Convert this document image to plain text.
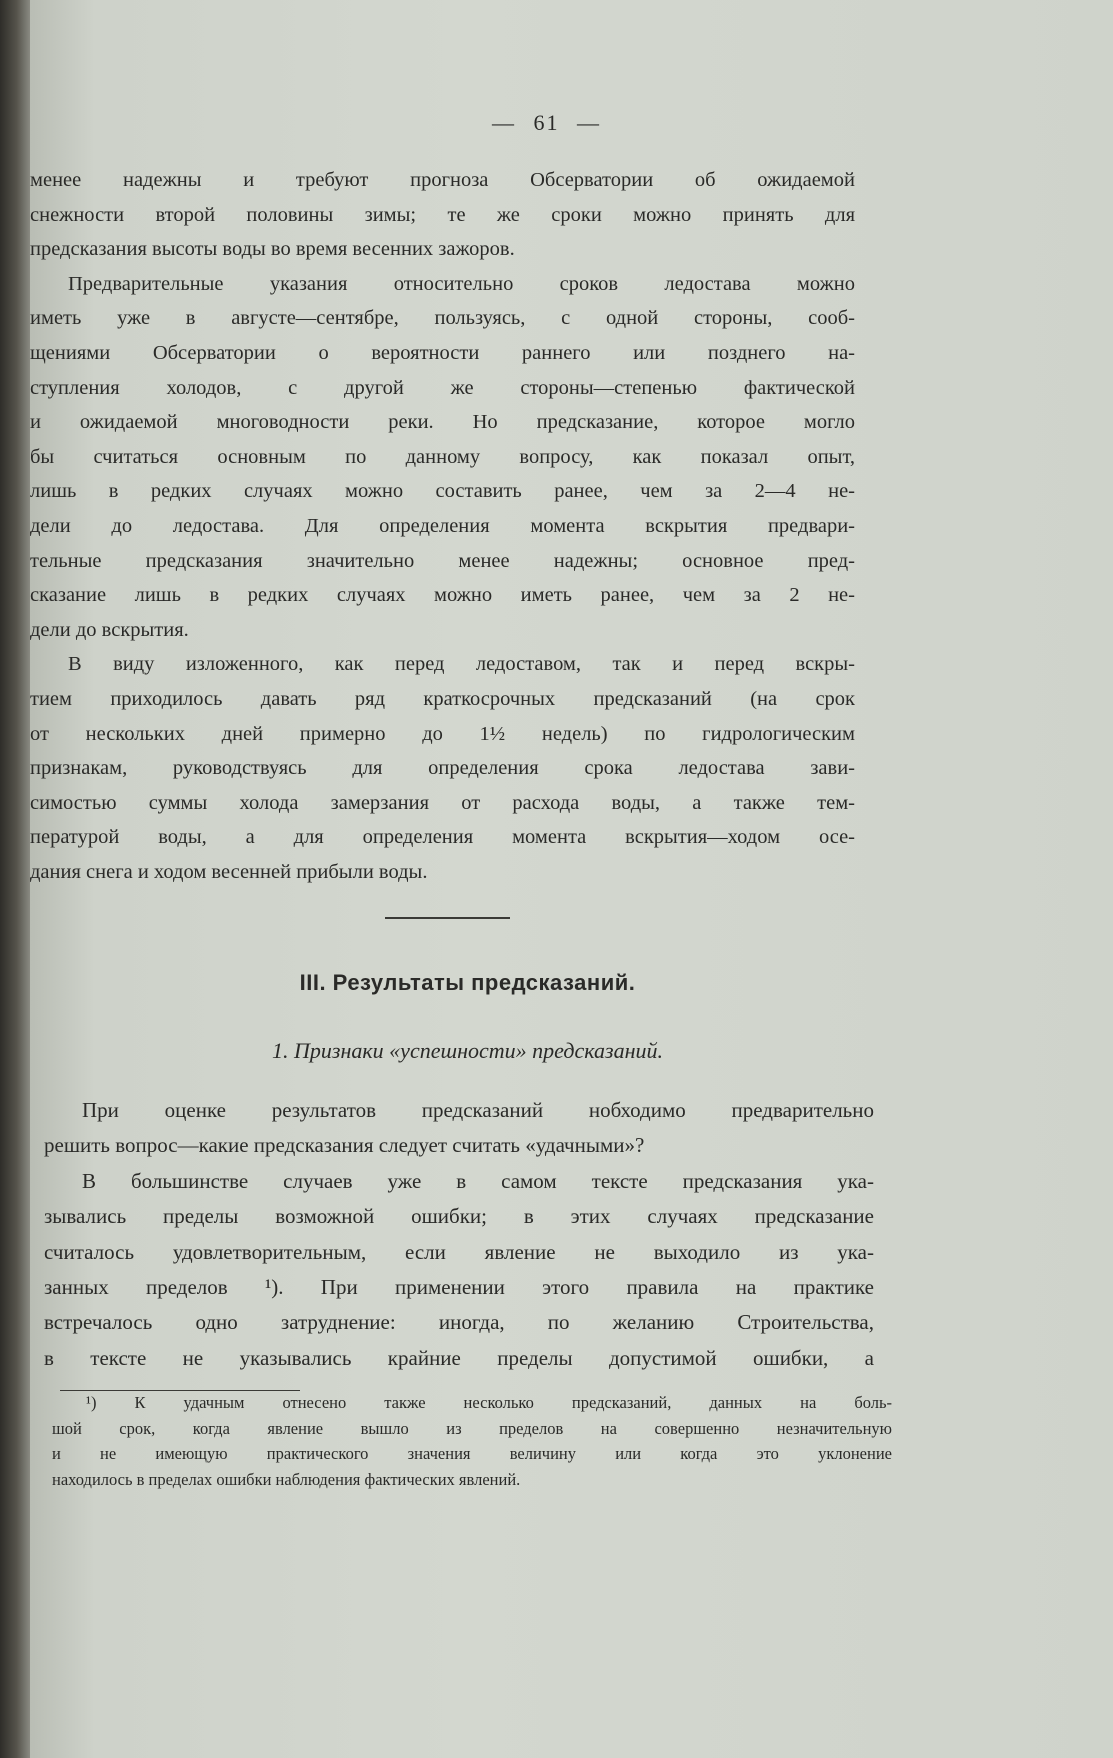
— 61 —
менее надежны и требуют прогноза Обсерватории об ожидаемой
снежности второй половины зимы; те же сроки можно принять для
предсказания высоты воды во время весенних зажоров.
Предварительные указания относительно сроков ледостава можно
иметь уже в августе—сентябре, пользуясь, с одной стороны, сооб-
щениями Обсерватории о вероятности раннего или позднего на-
ступления холодов, с другой же стороны—степенью фактической
и ожидаемой многоводности реки. Но предсказание, которое могло
бы считаться основным по данному вопросу, как показал опыт,
лишь в редких случаях можно составить ранее, чем за 2—4 не-
дели до ледостава. Для определения момента вскрытия предвари-
тельные предсказания значительно менее надежны; основное пред-
сказание лишь в редких случаях можно иметь ранее, чем за 2 не-
дели до вскрытия.
В виду изложенного, как перед ледоставом, так и перед вскры-
тием приходилось давать ряд краткосрочных предсказаний (на срок
от нескольких дней примерно до 1½ недель) по гидрологическим
признакам, руководствуясь для определения срока ледостава зави-
симостью суммы холода замерзания от расхода воды, а также тем-
пературой воды, а для определения момента вскрытия—ходом осе-
дания снега и ходом весенней прибыли воды.
III. Результаты предсказаний.
1. Признаки «успешности» предсказаний.
При оценке результатов предсказаний нобходимо предварительно
решить вопрос—какие предсказания следует считать «удачными»?
В большинстве случаев уже в самом тексте предсказания ука-
зывались пределы возможной ошибки; в этих случаях предсказание
считалось удовлетворительным, если явление не выходило из ука-
занных пределов ¹). При применении этого правила на практике
встречалось одно затруднение: иногда, по желанию Строительства,
в тексте не указывались крайние пределы допустимой ошибки, а
¹) К удачным отнесено также несколько предсказаний, данных на боль-
шой срок, когда явление вышло из пределов на совершенно незначительную
и не имеющую практического значения величину или когда это уклонение
находилось в пределах ошибки наблюдения фактических явлений.
